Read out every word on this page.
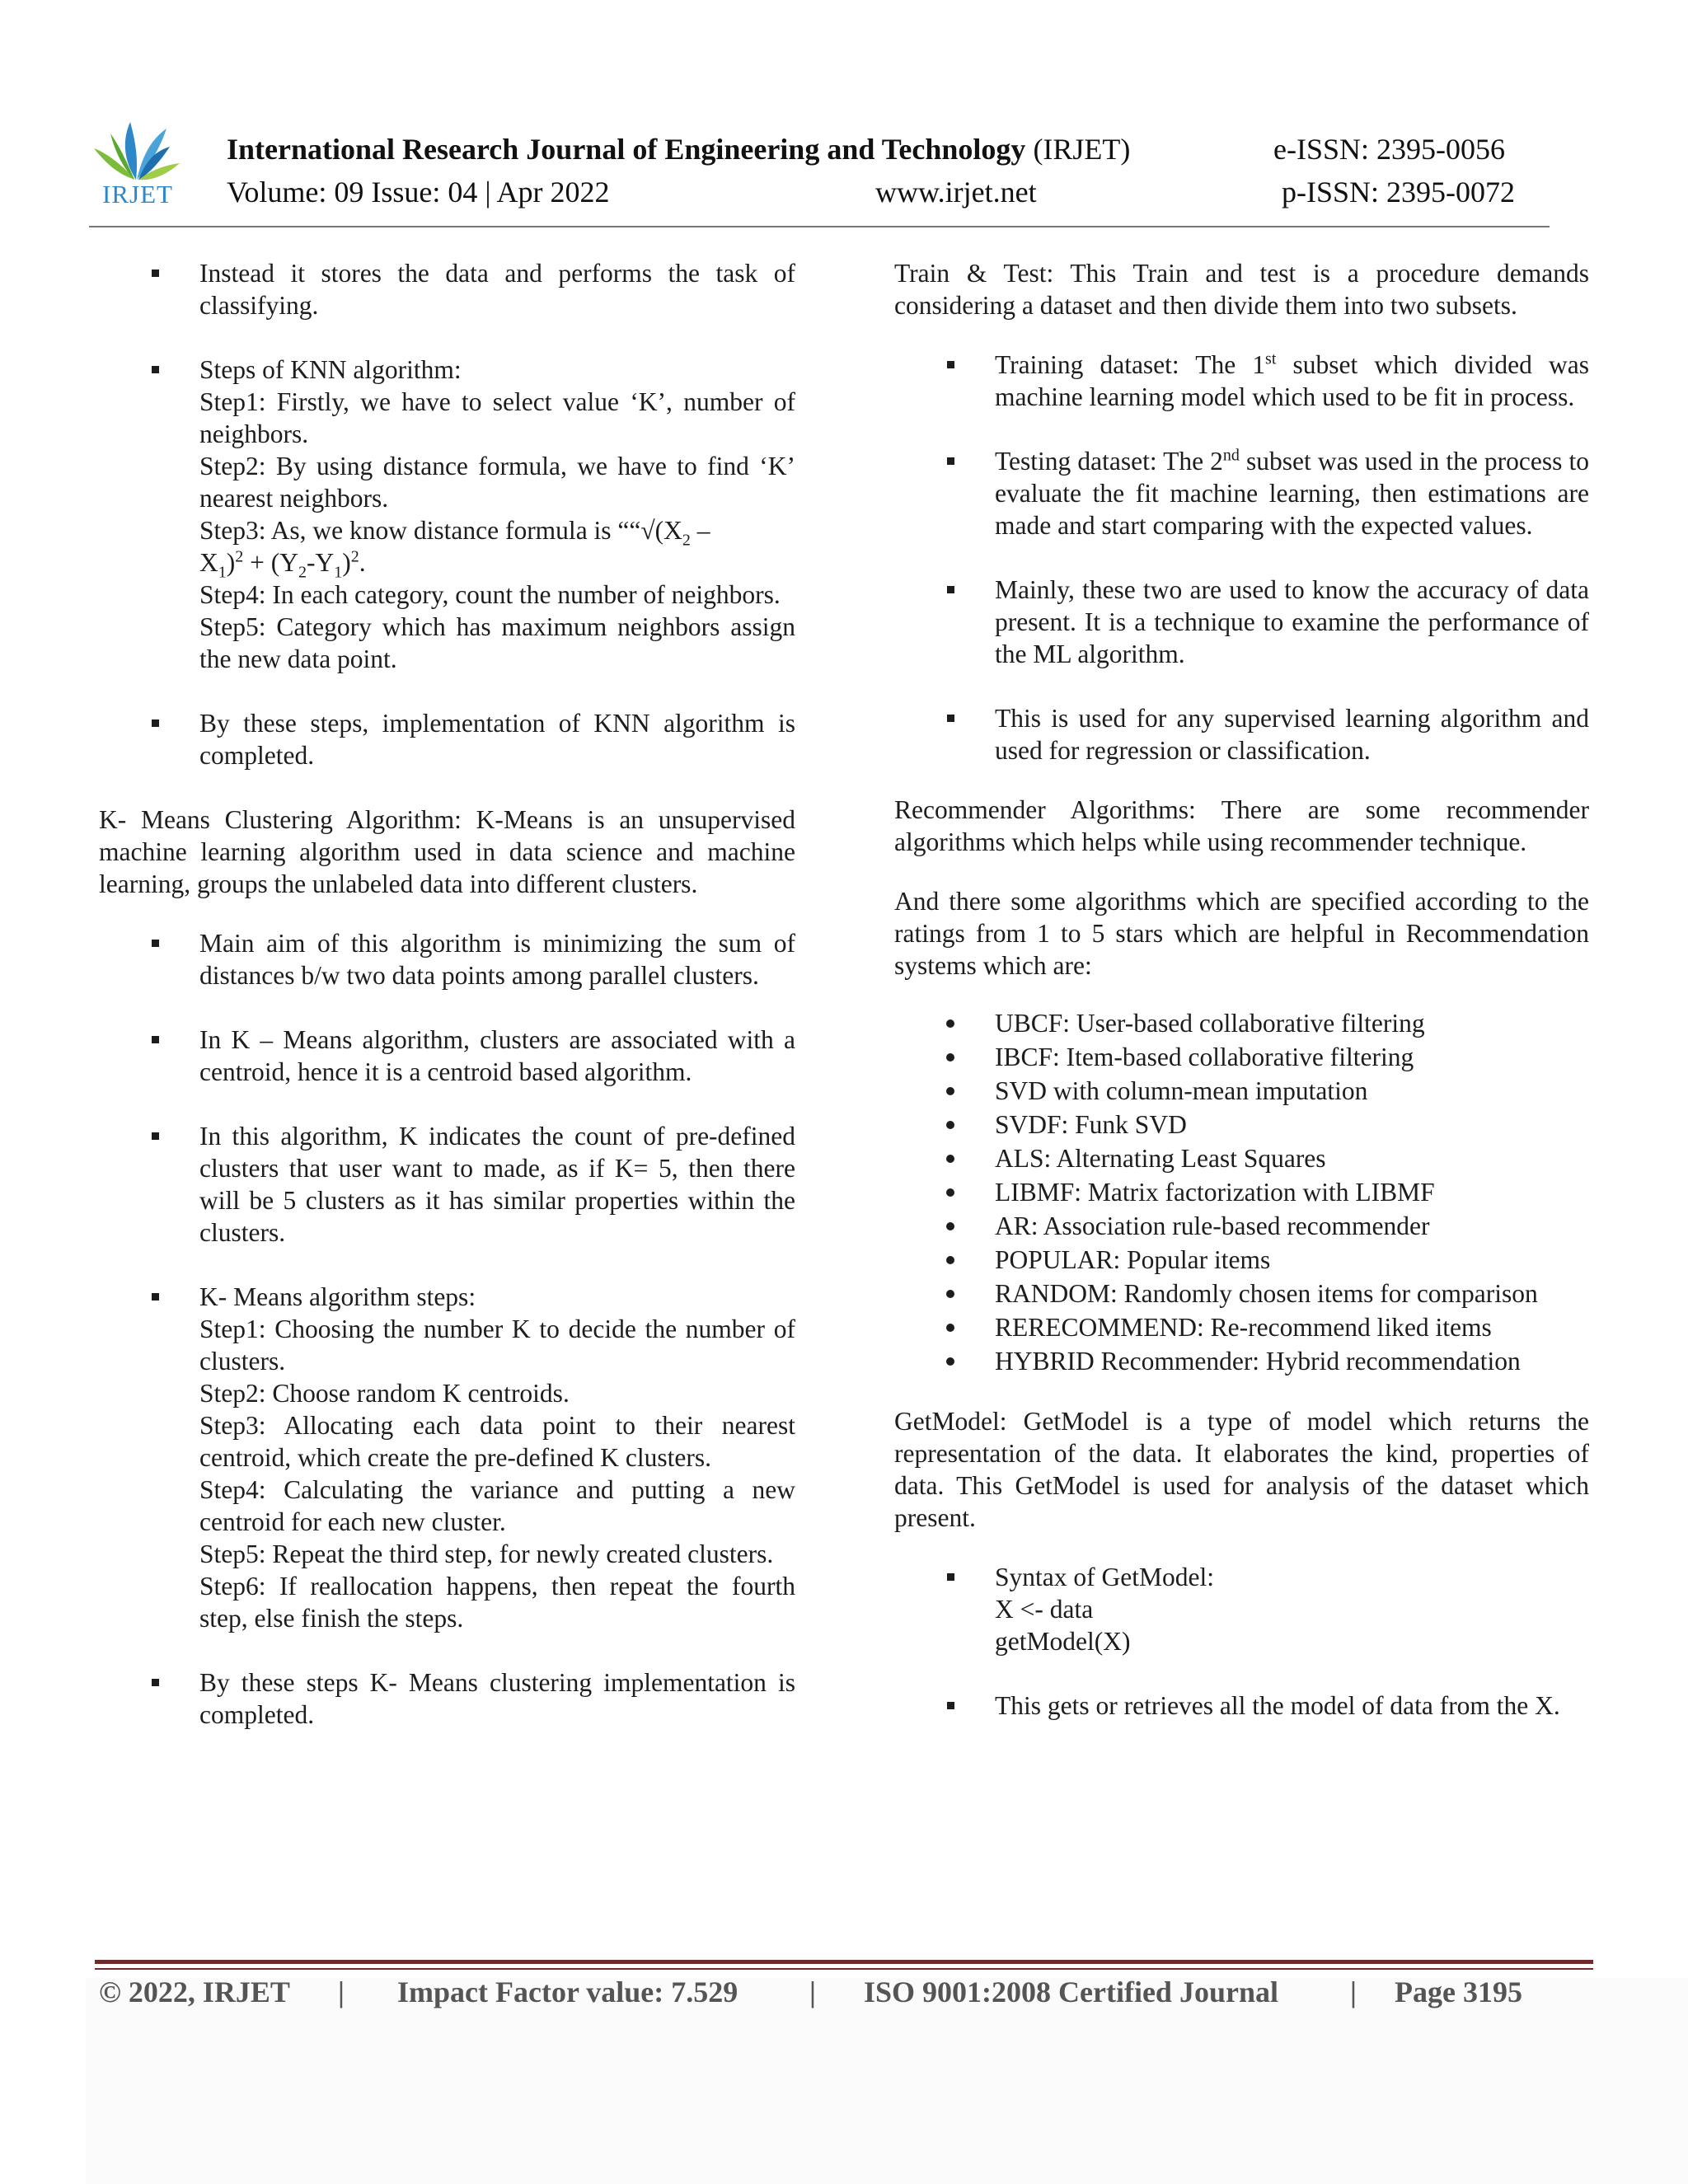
IRJET
International Research Journal of Engineering and Technology (IRJET)	e-ISSN: 2395-0056
Volume: 09 Issue: 04 | Apr 2022	www.irjet.net	p-ISSN: 2395-0072
Instead it stores the data and performs the task of classifying.
Steps of KNN algorithm:
Step1: Firstly, we have to select value ‘K’, number of neighbors.
Step2: By using distance formula, we have to find ‘K’ nearest neighbors.
Step3: As, we know distance formula is ““$√(X_2$ –
$X_1)^2 + (Y_2-Y_1)^2$.
Step4: In each category, count the number of neighbors.
Step5: Category which has maximum neighbors assign the new data point.
By these steps, implementation of KNN algorithm is completed.

K- Means Clustering Algorithm: K-Means is an unsupervised machine learning algorithm used in data science and machine learning, groups the unlabeled data into different clusters.

Main aim of this algorithm is minimizing the sum of distances b/w two data points among parallel clusters.
In K – Means algorithm, clusters are associated with a centroid, hence it is a centroid based algorithm.
In this algorithm, K indicates the count of pre-defined clusters that user want to made, as if K= 5, then there will be 5 clusters as it has similar properties within the clusters.
K- Means algorithm steps:
Step1: Choosing the number K to decide the number of clusters.
Step2: Choose random K centroids.
Step3: Allocating each data point to their nearest centroid, which create the pre-defined K clusters.
Step4: Calculating the variance and putting a new centroid for each new cluster.
Step5: Repeat the third step, for newly created clusters.
Step6: If reallocation happens, then repeat the fourth step, else finish the steps.
By these steps K- Means clustering implementation is completed.

Train & Test: This Train and test is a procedure demands considering a dataset and then divide them into two subsets.

Training dataset: The 1st subset which divided was machine learning model which used to be fit in process.
Testing dataset: The 2nd subset was used in the process to evaluate the fit machine learning, then estimations are made and start comparing with the expected values.
Mainly, these two are used to know the accuracy of data present. It is a technique to examine the performance of the ML algorithm.
This is used for any supervised learning algorithm and used for regression or classification.

Recommender Algorithms: There are some recommender algorithms which helps while using recommender technique.

And there some algorithms which are specified according to the ratings from 1 to 5 stars which are helpful in Recommendation systems which are:

UBCF: User-based collaborative filtering
IBCF: Item-based collaborative filtering
SVD with column-mean imputation
SVDF: Funk SVD
ALS: Alternating Least Squares
LIBMF: Matrix factorization with LIBMF
AR: Association rule-based recommender
POPULAR: Popular items
RANDOM: Randomly chosen items for comparison
RERECOMMEND: Re-recommend liked items
HYBRID Recommender: Hybrid recommendation

GetModel: GetModel is a type of model which returns the representation of the data. It elaborates the kind, properties of data. This GetModel is used for analysis of the dataset which present.

Syntax of GetModel:
X <- data
getModel(X)
This gets or retrieves all the model of data from the X.
© 2022, IRJET | Impact Factor value: 7.529 | ISO 9001:2008 Certified Journal | Page 3195
